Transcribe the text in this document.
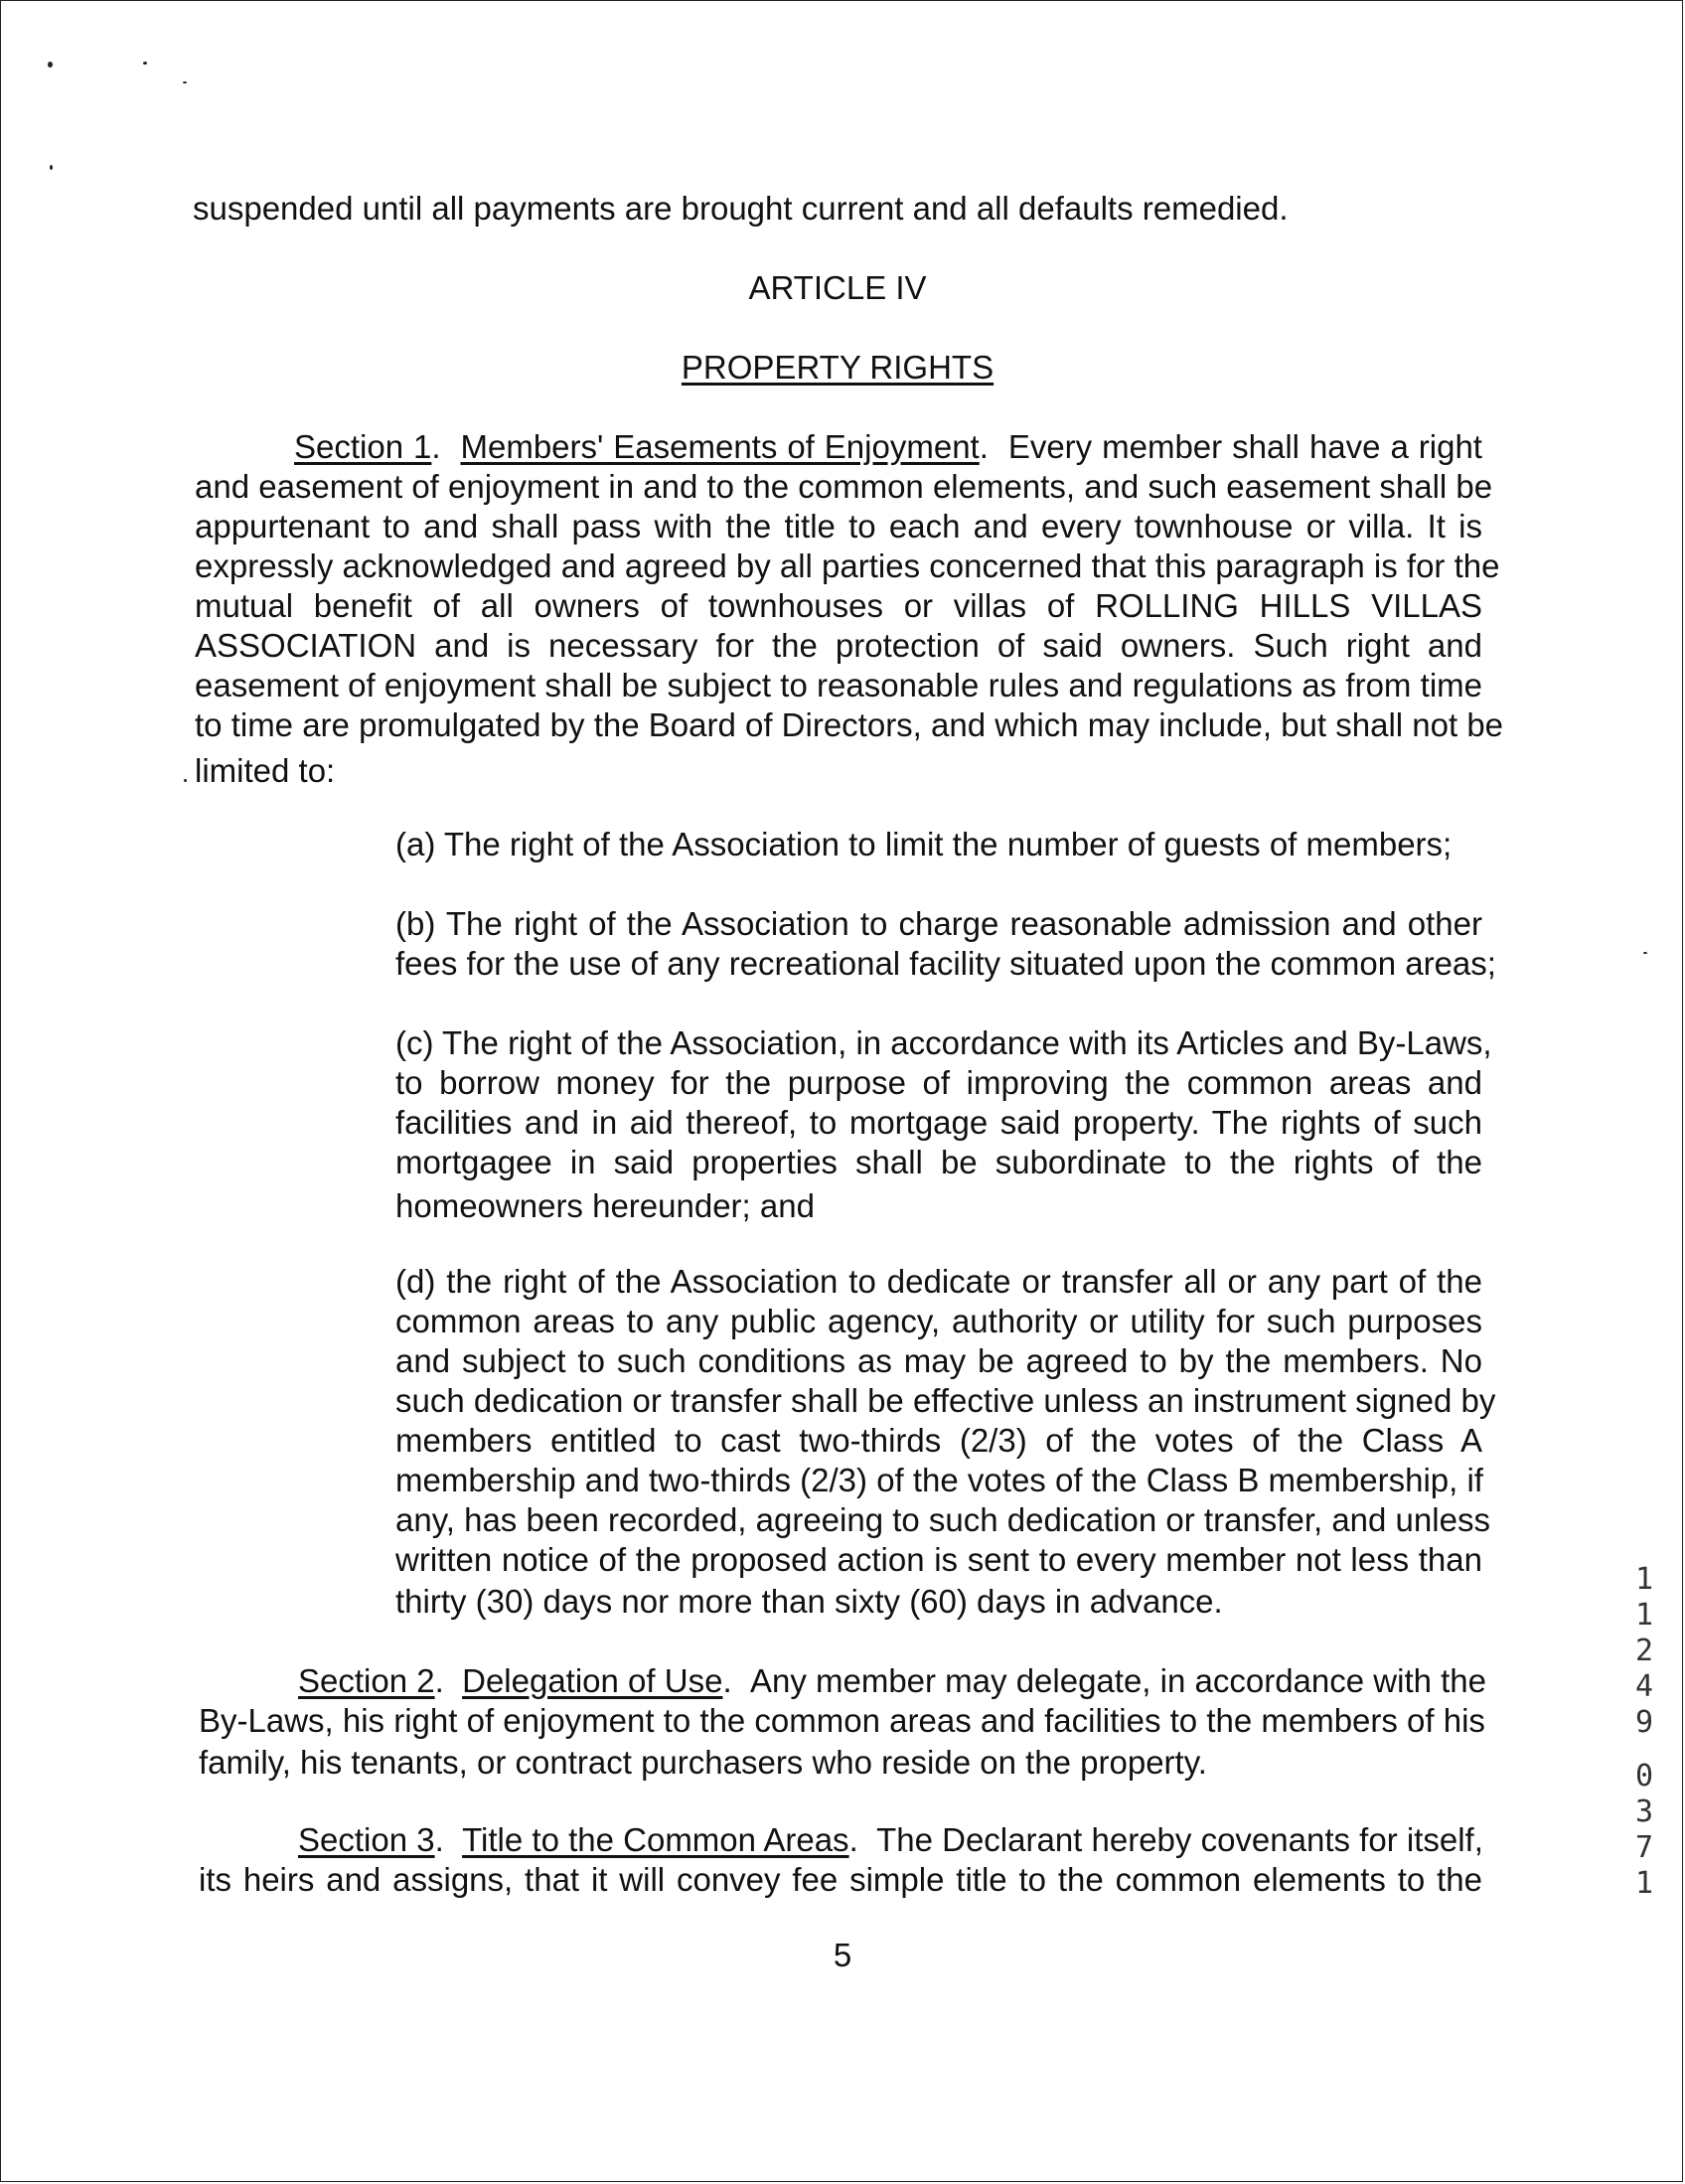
suspended until all payments are brought current and all defaults remedied.
ARTICLE IV
PROPERTY RIGHTS
Section 1.  Members' Easements of Enjoyment.  Every member shall have a right
and easement of enjoyment in and to the common elements, and such easement shall be
appurtenant to and shall pass with the title to each and every townhouse or villa. It is
expressly acknowledged and agreed by all parties concerned that this paragraph is for the
mutual benefit of all owners of townhouses or villas of ROLLING HILLS VILLAS
ASSOCIATION and is necessary for the protection of said owners. Such right and
easement of enjoyment shall be subject to reasonable rules and regulations as from time
to time are promulgated by the Board of Directors, and which may include, but shall not be
limited to:
(a) The right of the Association to limit the number of guests of members;
(b) The right of the Association to charge reasonable admission and other
fees for the use of any recreational facility situated upon the common areas;
(c) The right of the Association, in accordance with its Articles and By-Laws,
to borrow money for the purpose of improving the common areas and
facilities and in aid thereof, to mortgage said property. The rights of such
mortgagee in said properties shall be subordinate to the rights of the
homeowners hereunder; and
(d) the right of the Association to dedicate or transfer all or any part of the
common areas to any public agency, authority or utility for such purposes
and subject to such conditions as may be agreed to by the members. No
such dedication or transfer shall be effective unless an instrument signed by
members entitled to cast two-thirds (2/3) of the votes of the Class A
membership and two-thirds (2/3) of the votes of the Class B membership, if
any, has been recorded, agreeing to such dedication or transfer, and unless
written notice of the proposed action is sent to every member not less than
thirty (30) days nor more than sixty (60) days in advance.
Section 2.  Delegation of Use.  Any member may delegate, in accordance with the
By-Laws, his right of enjoyment to the common areas and facilities to the members of his
family, his tenants, or contract purchasers who reside on the property.
Section 3.  Title to the Common Areas.  The Declarant hereby covenants for itself,
its heirs and assigns, that it will convey fee simple title to the common elements to the
5
1
1
2
4
9
0
3
7
1
